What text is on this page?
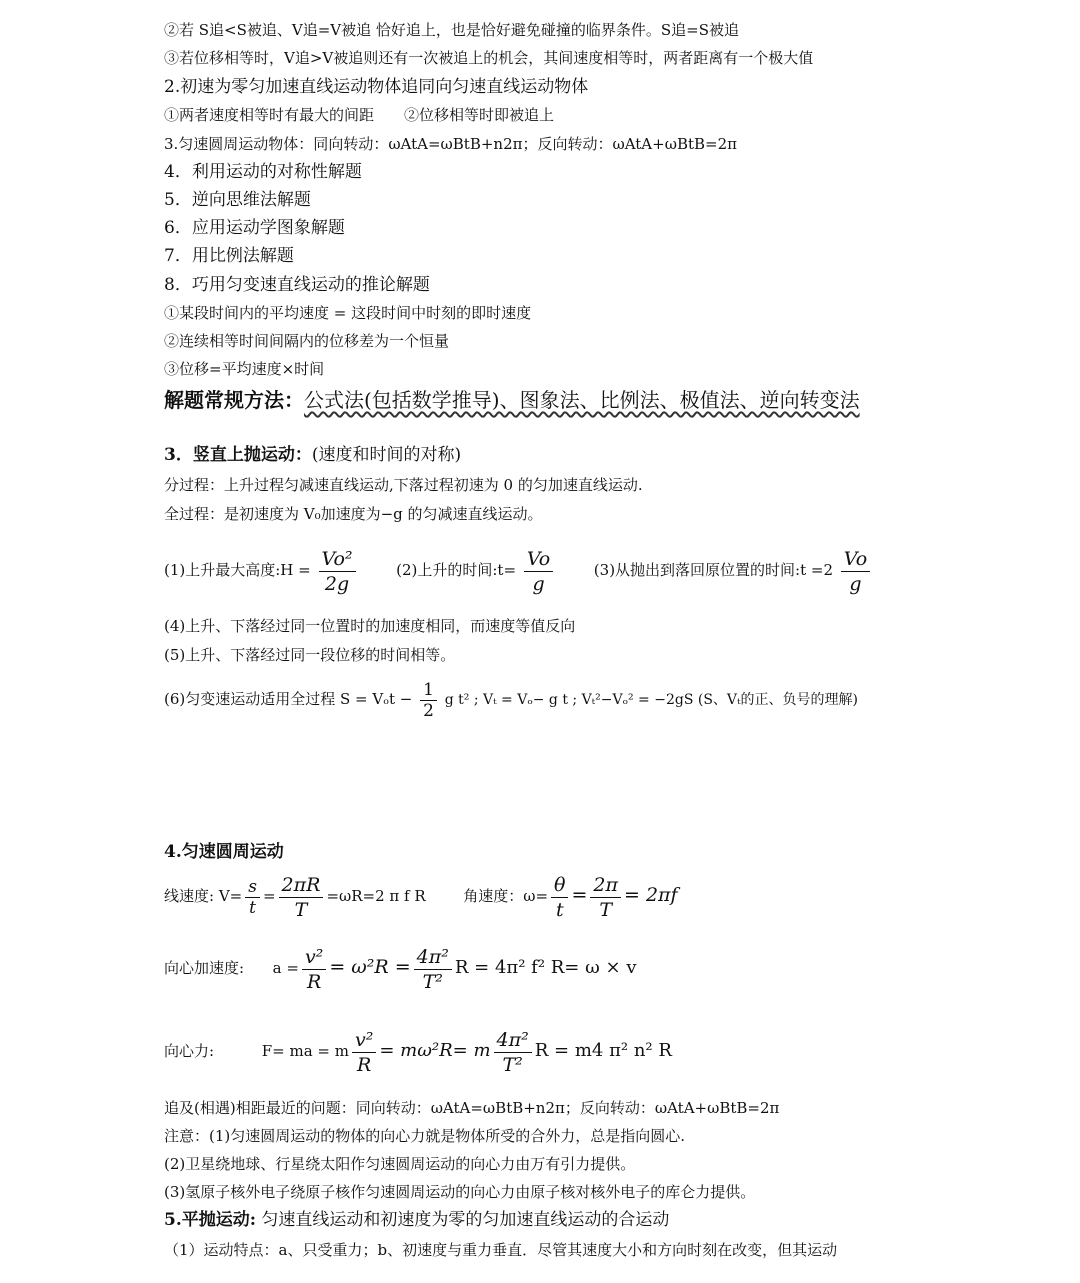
②若 S追<S被追、V追=V被追 恰好追上，也是恰好避免碰撞的临界条件。S追=S被追
③若位移相等时，V追>V被追则还有一次被追上的机会，其间速度相等时，两者距离有一个极大值
2.初速为零匀加速直线运动物体追同向匀速直线运动物体
①两者速度相等时有最大的间距　　②位移相等时即被追上
3.匀速圆周运动物体：同向转动：ωAtA=ωBtB+n2π；反向转动：ωAtA+ωBtB=2π
4．利用运动的对称性解题
5．逆向思维法解题
6．应用运动学图象解题
7．用比例法解题
8．巧用匀变速直线运动的推论解题
①某段时间内的平均速度 = 这段时间中时刻的即时速度
②连续相等时间间隔内的位移差为一个恒量
③位移=平均速度×时间
解题常规方法：公式法(包括数学推导)、图象法、比例法、极值法、逆向转变法
3．竖直上抛运动：(速度和时间的对称)
分过程：上升过程匀减速直线运动,下落过程初速为 0 的匀加速直线运动.
全过程：是初速度为 V₀加速度为−g 的匀减速直线运动。
(1)上升最大高度:H = $\frac{\text{Vo²}}{2g}$	(2)上升的时间:t= $\frac{Vo}{g}$	(3)从抛出到落回原位置的时间:t $=2 \frac{Vo}{g}$
(4)上升、下落经过同一位置时的加速度相同，而速度等值反向
(5)上升、下落经过同一段位移的时间相等。
(6)匀变速运动适用全过程 $S = V_ot - \frac{1}{2}$ g t² ; Vₜ = Vₒ− g t ; Vₜ²−Vₒ² = −2gS (S、Vₜ的正、负号的理解)
4.匀速圆周运动
线速度: $V= \frac{s}{t} = \frac{2\pi R}{T} =\omega R=2$ π f R	角速度：$\omega= \frac{\theta}{t} = \frac{2\pi}{T} = 2\pi f$
向心加速度:      $a = \frac{\text{v²}}{R} = \omega^2R = \frac{\text{4π²}}{\text{T²}}$ R = 4π² f² R= ω × v
向心力:          F= ma = m $\frac{\text{v²}}{R} = m\omega^2R= m \frac{\text{4π²}}{\text{T²}}$ R = m4 π² n² R
追及(相遇)相距最近的问题：同向转动：ωAtA=ωBtB+n2π；反向转动：ωAtA+ωBtB=2π
注意：(1)匀速圆周运动的物体的向心力就是物体所受的合外力，总是指向圆心.
(2)卫星绕地球、行星绕太阳作匀速圆周运动的向心力由万有引力提供。
(3)氢原子核外电子绕原子核作匀速圆周运动的向心力由原子核对核外电子的库仑力提供。
5.平抛运动: 匀速直线运动和初速度为零的匀加速直线运动的合运动
（1）运动特点：a、只受重力；b、初速度与重力垂直．尽管其速度大小和方向时刻在改变，但其运动
